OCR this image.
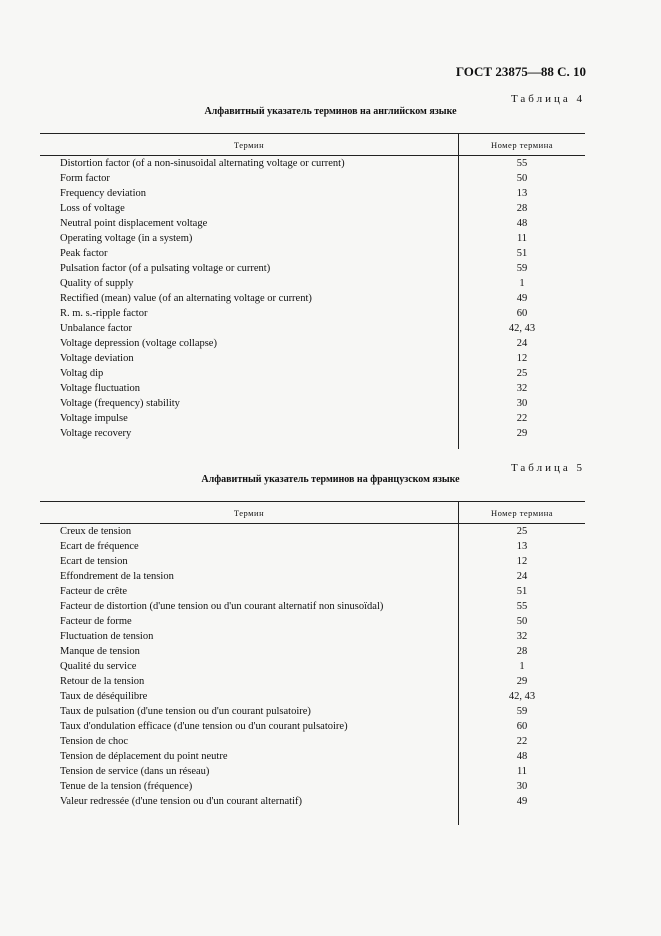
ГОСТ 23875—88 С. 10
Таблица 4
Алфавитный указатель терминов на английском языке
Термин	Номер термина
Distortion factor (of a non-sinusoidal alternating voltage or current)	55
Form factor	50
Frequency deviation	13
Loss of voltage	28
Neutral point displacement voltage	48
Operating voltage (in a system)	11
Peak factor	51
Pulsation factor (of a pulsating voltage or current)	59
Quality of supply	1
Rectified (mean) value (of an alternating voltage or current)	49
R. m. s.-ripple factor	60
Unbalance factor	42, 43
Voltage depression (voltage collapse)	24
Voltage deviation	12
Voltag dip	25
Voltage fluctuation	32
Voltage (frequency) stability	30
Voltage impulse	22
Voltage recovery	29
Таблица 5
Алфавитный указатель терминов на французском языке
Термин	Номер термина
Creux de tension	25
Ecart de fréquence	13
Ecart de tension	12
Effondrement de la tension	24
Facteur de crête	51
Facteur de distortion (d'une tension ou d'un courant alternatif non sinusoïdal)	55
Facteur de forme	50
Fluctuation de tension	32
Manque de tension	28
Qualité du service	1
Retour de la tension	29
Taux de déséquilibre	42, 43
Taux de pulsation (d'une tension ou d'un courant pulsatoire)	59
Taux d'ondulation efficace (d'une tension ou d'un courant pulsatoire)	60
Tension de choc	22
Tension de déplacement du point neutre	48
Tension de service (dans un réseau)	11
Tenue de la tension (fréquence)	30
Valeur redressée (d'une tension ou d'un courant alternatif)	49
